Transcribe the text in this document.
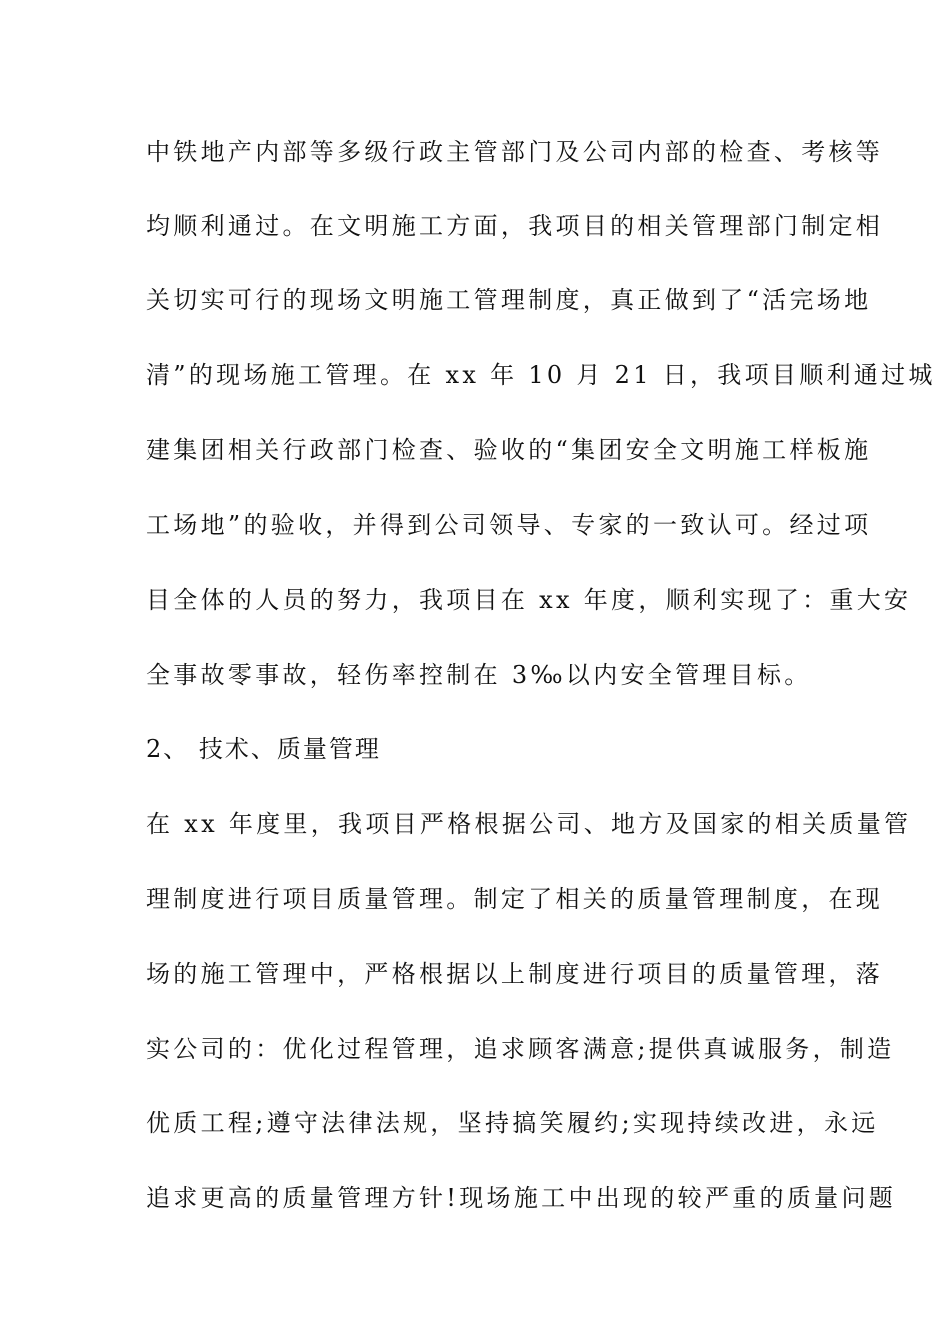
中铁地产内部等多级行政主管部门及公司内部的检查、考核等
均顺利通过。在文明施工方面，我项目的相关管理部门制定相
关切实可行的现场文明施工管理制度，真正做到了“活完场地
清”的现场施工管理。在 xx 年 10 月 21 日，我项目顺利通过城
建集团相关行政部门检查、验收的“集团安全文明施工样板施
工场地”的验收，并得到公司领导、专家的一致认可。经过项
目全体的人员的努力，我项目在 xx 年度，顺利实现了：重大安
全事故零事故，轻伤率控制在 3‰以内安全管理目标。
2、 技术、质量管理
在 xx 年度里，我项目严格根据公司、地方及国家的相关质量管
理制度进行项目质量管理。制定了相关的质量管理制度，在现
场的施工管理中，严格根据以上制度进行项目的质量管理，落
实公司的：优化过程管理，追求顾客满意;提供真诚服务，制造
优质工程;遵守法律法规，坚持搞笑履约;实现持续改进，永远
追求更高的质量管理方针!现场施工中出现的较严重的质量问题
